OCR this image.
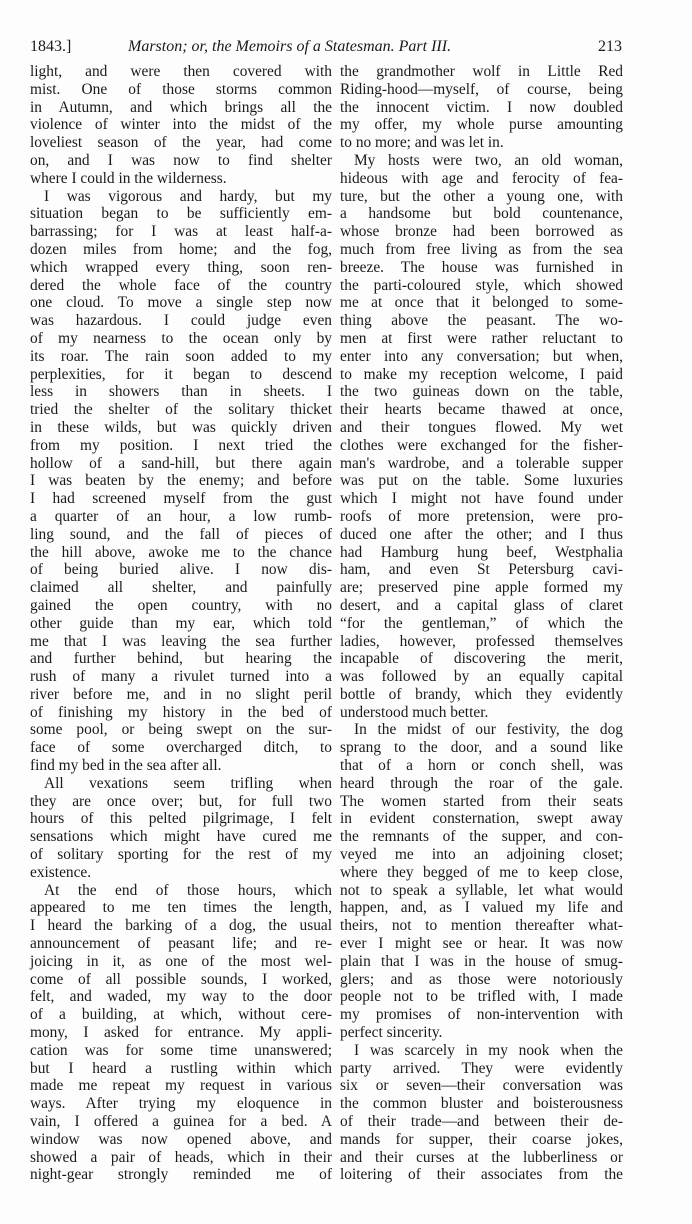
1843.]	Marston; or, the Memoirs of a Statesman. Part III.	213
light, and were then covered with
mist. One of those storms common
in Autumn, and which brings all the
violence of winter into the midst of the
loveliest season of the year, had come
on, and I was now to find shelter
where I could in the wilderness.
I was vigorous and hardy, but my
situation began to be sufficiently em-
barrassing; for I was at least half-a-
dozen miles from home; and the fog,
which wrapped every thing, soon ren-
dered the whole face of the country
one cloud. To move a single step now
was hazardous. I could judge even
of my nearness to the ocean only by
its roar. The rain soon added to my
perplexities, for it began to descend
less in showers than in sheets. I
tried the shelter of the solitary thicket
in these wilds, but was quickly driven
from my position. I next tried the
hollow of a sand-hill, but there again
I was beaten by the enemy; and before
I had screened myself from the gust
a quarter of an hour, a low rumb-
ling sound, and the fall of pieces of
the hill above, awoke me to the chance
of being buried alive. I now dis-
claimed all shelter, and painfully
gained the open country, with no
other guide than my ear, which told
me that I was leaving the sea further
and further behind, but hearing the
rush of many a rivulet turned into a
river before me, and in no slight peril
of finishing my history in the bed of
some pool, or being swept on the sur-
face of some overcharged ditch, to
find my bed in the sea after all.
All vexations seem trifling when
they are once over; but, for full two
hours of this pelted pilgrimage, I felt
sensations which might have cured me
of solitary sporting for the rest of my
existence.
At the end of those hours, which
appeared to me ten times the length,
I heard the barking of a dog, the usual
announcement of peasant life; and re-
joicing in it, as one of the most wel-
come of all possible sounds, I worked,
felt, and waded, my way to the door
of a building, at which, without cere-
mony, I asked for entrance. My appli-
cation was for some time unanswered;
but I heard a rustling within which
made me repeat my request in various
ways. After trying my eloquence in
vain, I offered a guinea for a bed. A
window was now opened above, and
showed a pair of heads, which in their
night-gear strongly reminded me of
the grandmother wolf in Little Red
Riding-hood—myself, of course, being
the innocent victim. I now doubled
my offer, my whole purse amounting
to no more; and was let in.
My hosts were two, an old woman,
hideous with age and ferocity of fea-
ture, but the other a young one, with
a handsome but bold countenance,
whose bronze had been borrowed as
much from free living as from the sea
breeze. The house was furnished in
the parti-coloured style, which showed
me at once that it belonged to some-
thing above the peasant. The wo-
men at first were rather reluctant to
enter into any conversation; but when,
to make my reception welcome, I paid
the two guineas down on the table,
their hearts became thawed at once,
and their tongues flowed. My wet
clothes were exchanged for the fisher-
man's wardrobe, and a tolerable supper
was put on the table. Some luxuries
which I might not have found under
roofs of more pretension, were pro-
duced one after the other; and I thus
had Hamburg hung beef, Westphalia
ham, and even St Petersburg cavi-
are; preserved pine apple formed my
desert, and a capital glass of claret
“for the gentleman,” of which the
ladies, however, professed themselves
incapable of discovering the merit,
was followed by an equally capital
bottle of brandy, which they evidently
understood much better.
In the midst of our festivity, the dog
sprang to the door, and a sound like
that of a horn or conch shell, was
heard through the roar of the gale.
The women started from their seats
in evident consternation, swept away
the remnants of the supper, and con-
veyed me into an adjoining closet;
where they begged of me to keep close,
not to speak a syllable, let what would
happen, and, as I valued my life and
theirs, not to mention thereafter what-
ever I might see or hear. It was now
plain that I was in the house of smug-
glers; and as those were notoriously
people not to be trifled with, I made
my promises of non-intervention with
perfect sincerity.
I was scarcely in my nook when the
party arrived. They were evidently
six or seven—their conversation was
the common bluster and boisterousness
of their trade—and between their de-
mands for supper, their coarse jokes,
and their curses at the lubberliness or
loitering of their associates from the
